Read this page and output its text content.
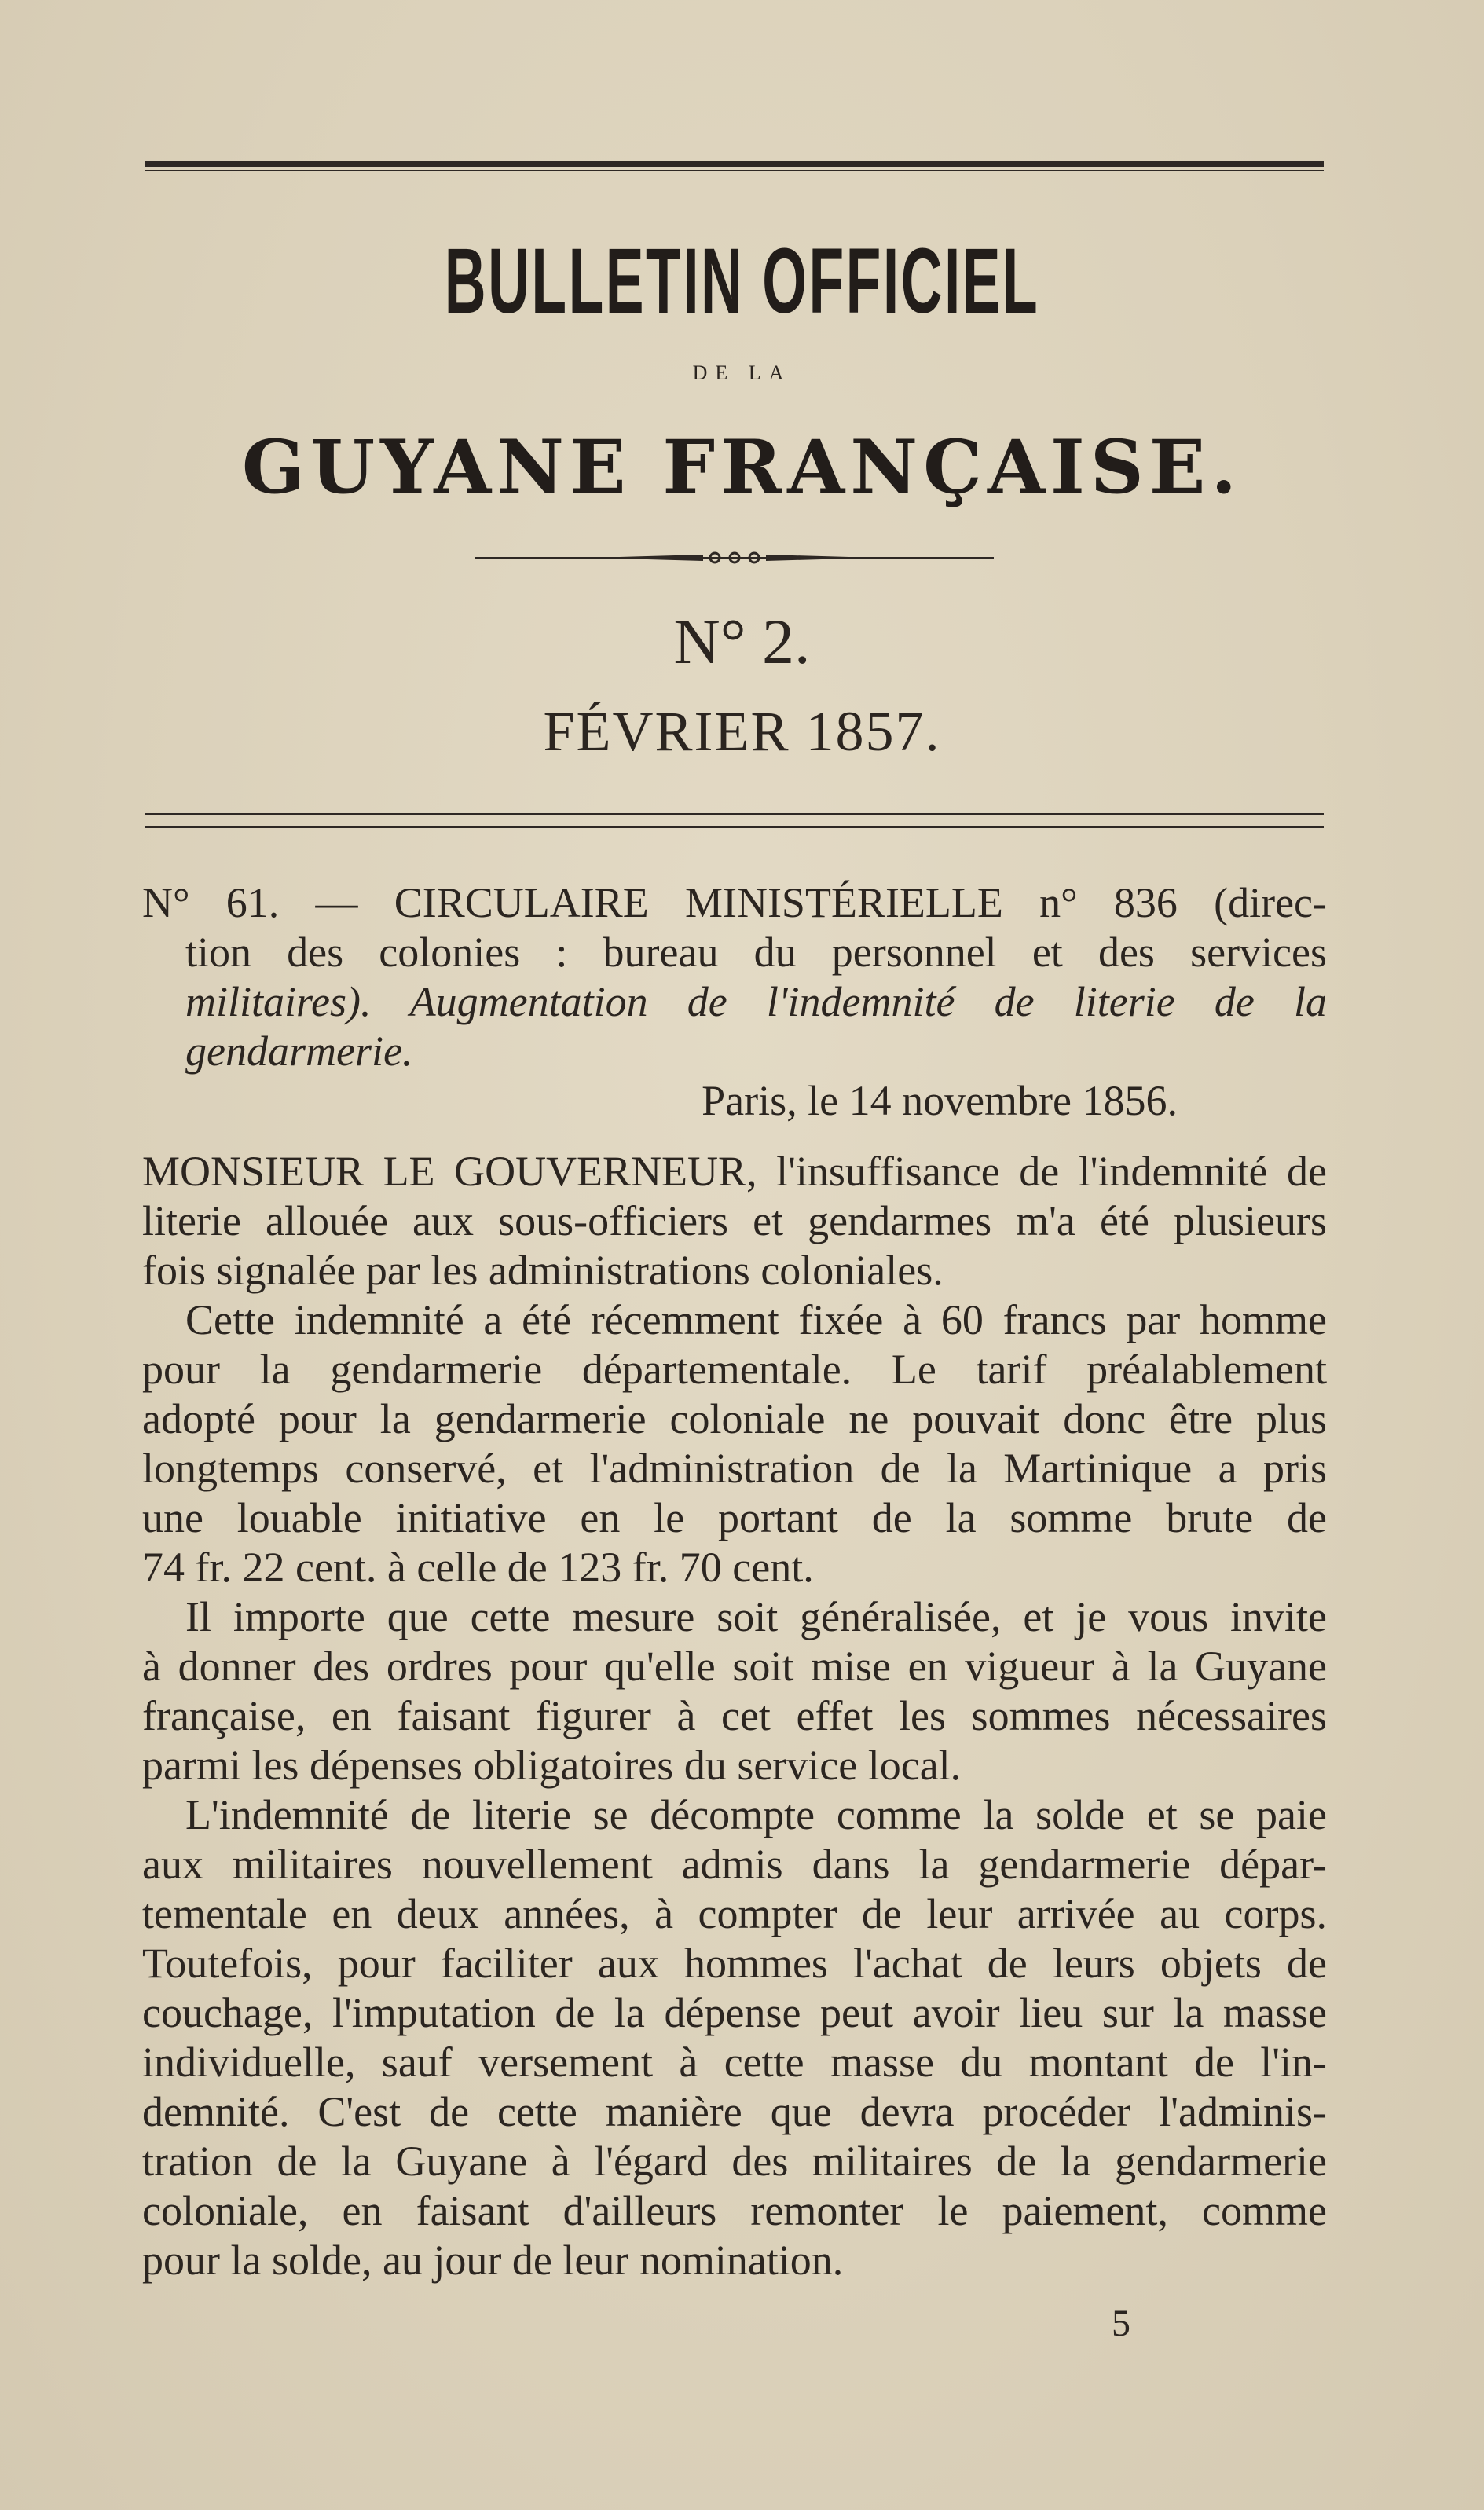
BULLETIN OFFICIEL
DE LA
GUYANE FRANÇAISE.
N° 2.
FÉVRIER 1857.
N° 61. — CIRCULAIRE MINISTÉRIELLE n° 836 (direc-
tion des colonies : bureau du personnel et des services
militaires). Augmentation de l'indemnité de literie de la
gendarmerie.
Paris, le 14 novembre 1856.
MONSIEUR LE GOUVERNEUR, l'insuffisance de l'indemnité de
literie allouée aux sous-officiers et gendarmes m'a été plusieurs
fois signalée par les administrations coloniales.
Cette indemnité a été récemment fixée à 60 francs par homme
pour la gendarmerie départementale. Le tarif préalablement
adopté pour la gendarmerie coloniale ne pouvait donc être plus
longtemps conservé, et l'administration de la Martinique a pris
une louable initiative en le portant de la somme brute de
74 fr. 22 cent. à celle de 123 fr. 70 cent.
Il importe que cette mesure soit généralisée, et je vous invite
à donner des ordres pour qu'elle soit mise en vigueur à la Guyane
française, en faisant figurer à cet effet les sommes nécessaires
parmi les dépenses obligatoires du service local.
L'indemnité de literie se décompte comme la solde et se paie
aux militaires nouvellement admis dans la gendarmerie dépar-
tementale en deux années, à compter de leur arrivée au corps.
Toutefois, pour faciliter aux hommes l'achat de leurs objets de
couchage, l'imputation de la dépense peut avoir lieu sur la masse
individuelle, sauf versement à cette masse du montant de l'in-
demnité. C'est de cette manière que devra procéder l'adminis-
tration de la Guyane à l'égard des militaires de la gendarmerie
coloniale, en faisant d'ailleurs remonter le paiement, comme
pour la solde, au jour de leur nomination.
5
